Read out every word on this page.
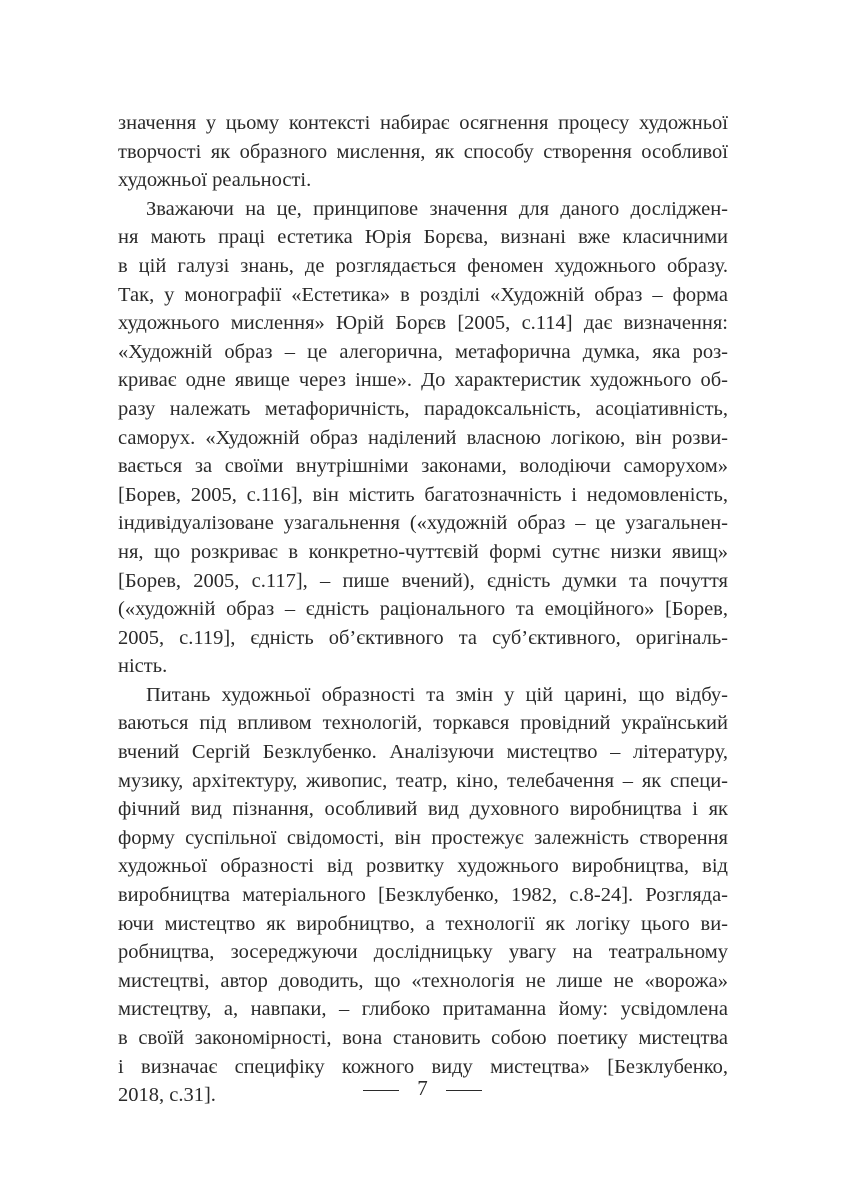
значення у цьому контексті набирає осягнення процесу художньої
творчості як образного мислення, як способу створення особливої
художньої реальності.
Зважаючи на це, принципове значення для даного досліджен-
ня мають праці естетика Юрія Борєва, визнані вже класичними
в цій галузі знань, де розглядається феномен художнього образу.
Так, у монографії «Естетика» в розділі «Художній образ – форма
художнього мислення» Юрій Борєв [2005, с.114] дає визначення:
«Художній образ – це алегорична, метафорична думка, яка роз-
криває одне явище через інше». До характеристик художнього об-
разу належать метафоричність, парадоксальність, асоціативність,
саморух. «Художній образ наділений власною логікою, він розви-
вається за своїми внутрішніми законами, володіючи саморухом»
[Борев, 2005, с.116], він містить багатозначність і недомовленість,
індивідуалізоване узагальнення («художній образ – це узагальнен-
ня, що розкриває в конкретно-чуттєвій формі сутнє низки явищ»
[Борев, 2005, с.117], – пише вчений), єдність думки та почуття
(«художній образ – єдність раціонального та емоційного» [Борев,
2005, с.119], єдність об’єктивного та суб’єктивного, оригіналь-
ність.
Питань художньої образності та змін у цій царині, що відбу-
ваються під впливом технологій, торкався провідний український
вчений Сергій Безклубенко. Аналізуючи мистецтво – літературу,
музику, архітектуру, живопис, театр, кіно, телебачення – як специ-
фічний вид пізнання, особливий вид духовного виробництва і як
форму суспільної свідомості, він простежує залежність створення
художньої образності від розвитку художнього виробництва, від
виробництва матеріального [Безклубенко, 1982, с.8-24]. Розгляда-
ючи мистецтво як виробництво, а технології як логіку цього ви-
робництва, зосереджуючи дослідницьку увагу на театральному
мистецтві, автор доводить, що «технологія не лише не «ворожа»
мистецтву, а, навпаки, – глибоко притаманна йому: усвідомлена
в своїй закономірності, вона становить собою поетику мистецтва
і визначає специфіку кожного виду мистецтва» [Безклубенко,
2018, с.31].	7
